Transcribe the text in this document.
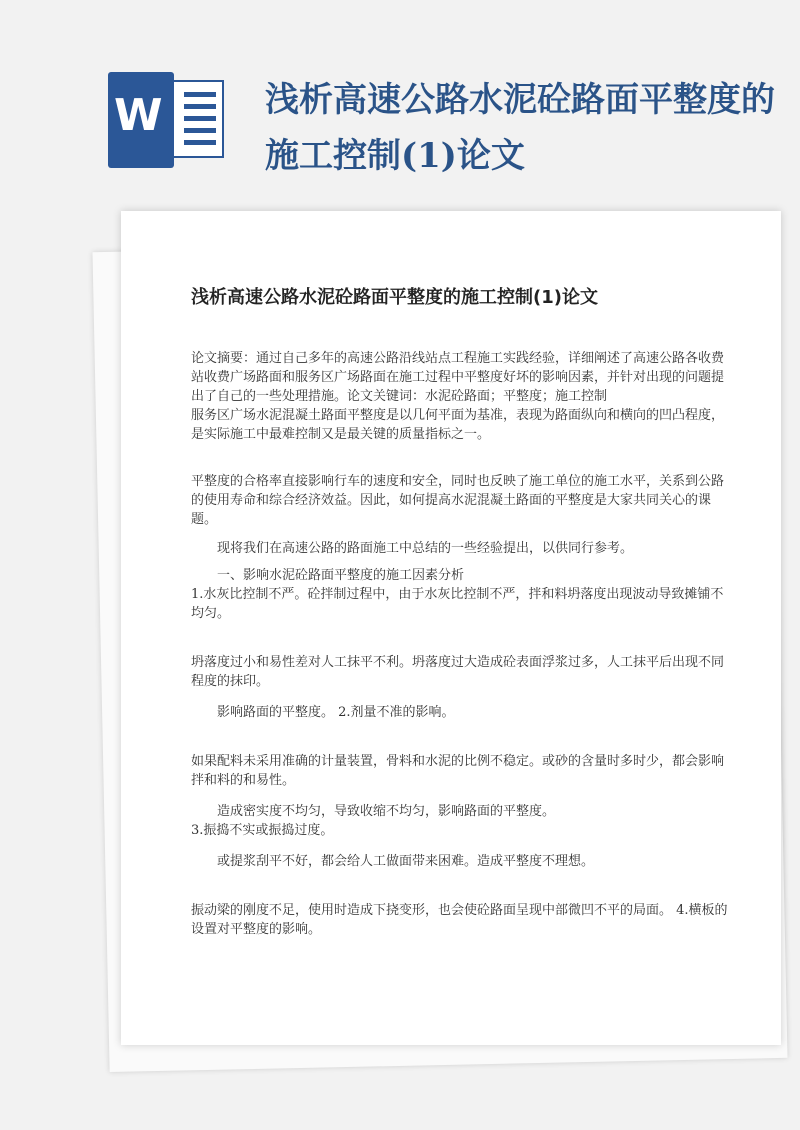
W	浅析高速公路水泥砼路面平整度的施工控制(1)论文
浅析高速公路水泥砼路面平整度的施工控制(1)论文

论文摘要：通过自己多年的高速公路沿线站点工程施工实践经验，详细阐述了高速公路各收费站收费广场路面和服务区广场路面在施工过程中平整度好坏的影响因素，并针对出现的问题提出了自己的一些处理措施。论文关键词：水泥砼路面；平整度；施工控制

服务区广场水泥混凝土路面平整度是以几何平面为基准，表现为路面纵向和横向的凹凸程度，是实际施工中最难控制又是最关键的质量指标之一。

平整度的合格率直接影响行车的速度和安全，同时也反映了施工单位的施工水平，关系到公路的使用寿命和综合经济效益。因此，如何提高水泥混凝土路面的平整度是大家共同关心的课题。

现将我们在高速公路的路面施工中总结的一些经验提出，以供同行参考。

一、影响水泥砼路面平整度的施工因素分析

1.水灰比控制不严。砼拌制过程中，由于水灰比控制不严，拌和料坍落度出现波动导致摊铺不均匀。

坍落度过小和易性差对人工抹平不利。坍落度过大造成砼表面浮浆过多，人工抹平后出现不同程度的抹印。

影响路面的平整度。 2.剂量不准的影响。

如果配料未采用准确的计量装置，骨料和水泥的比例不稳定。或砂的含量时多时少，都会影响拌和料的和易性。

造成密实度不均匀，导致收缩不均匀，影响路面的平整度。

3.振捣不实或振捣过度。

或提浆刮平不好，都会给人工做面带来困难。造成平整度不理想。

振动梁的刚度不足，使用时造成下挠变形，也会使砼路面呈现中部微凹不平的局面。 4.横板的设置对平整度的影响。
